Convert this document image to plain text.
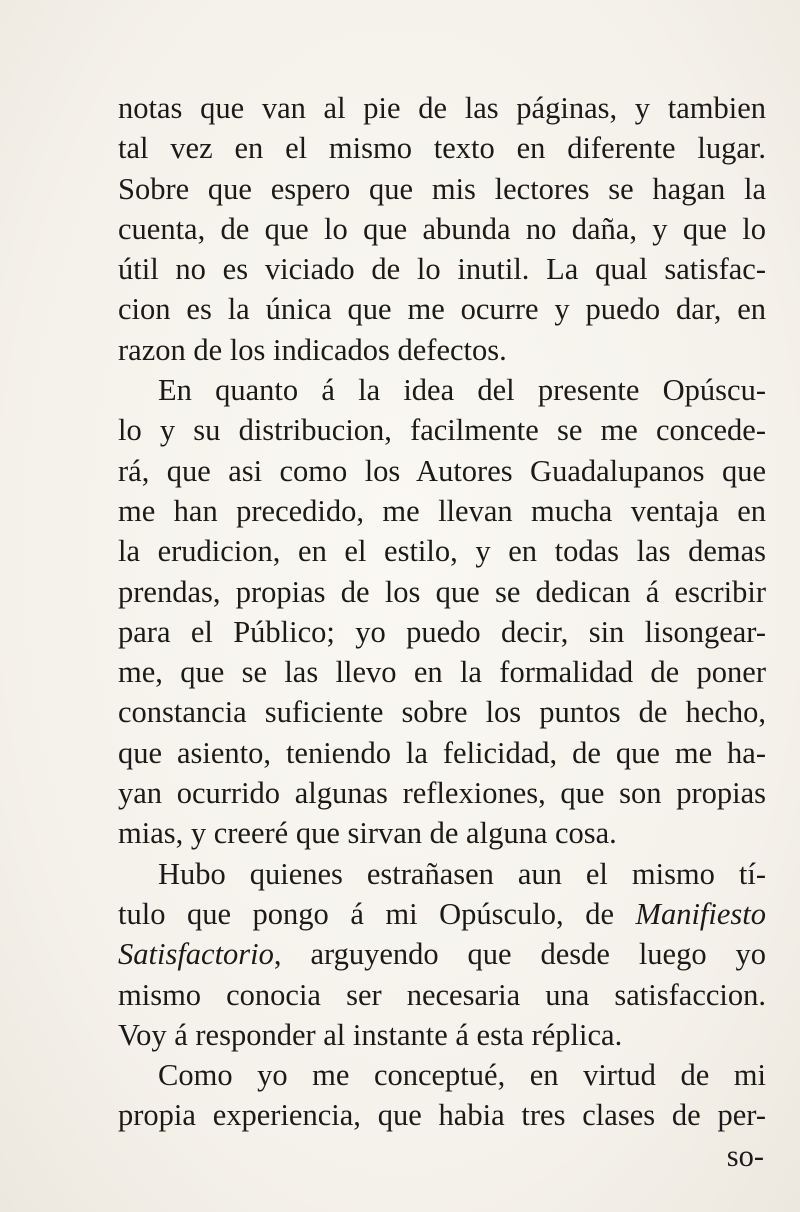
notas que van al pie de las páginas, y tambien
tal vez en el mismo texto en diferente lugar.
Sobre que espero que mis lectores se hagan la
cuenta, de que lo que abunda no daña, y que lo
útil no es viciado de lo inutil. La qual satisfac-
cion es la única que me ocurre y puedo dar, en
razon de los indicados defectos.
En quanto á la idea del presente Opúscu-
lo y su distribucion, facilmente se me concede-
rá, que asi como los Autores Guadalupanos que
me han precedido, me llevan mucha ventaja en
la erudicion, en el estilo, y en todas las demas
prendas, propias de los que se dedican á escribir
para el Público; yo puedo decir, sin lisongear-
me, que se las llevo en la formalidad de poner
constancia suficiente sobre los puntos de hecho,
que asiento, teniendo la felicidad, de que me ha-
yan ocurrido algunas reflexiones, que son propias
mias, y creeré que sirvan de alguna cosa.
Hubo quienes estrañasen aun el mismo tí-
tulo que pongo á mi Opúsculo, de Manifiesto
Satisfactorio, arguyendo que desde luego yo
mismo conocia ser necesaria una satisfaccion.
Voy á responder al instante á esta réplica.
Como yo me conceptué, en virtud de mi
propia experiencia, que habia tres clases de per-
so-
